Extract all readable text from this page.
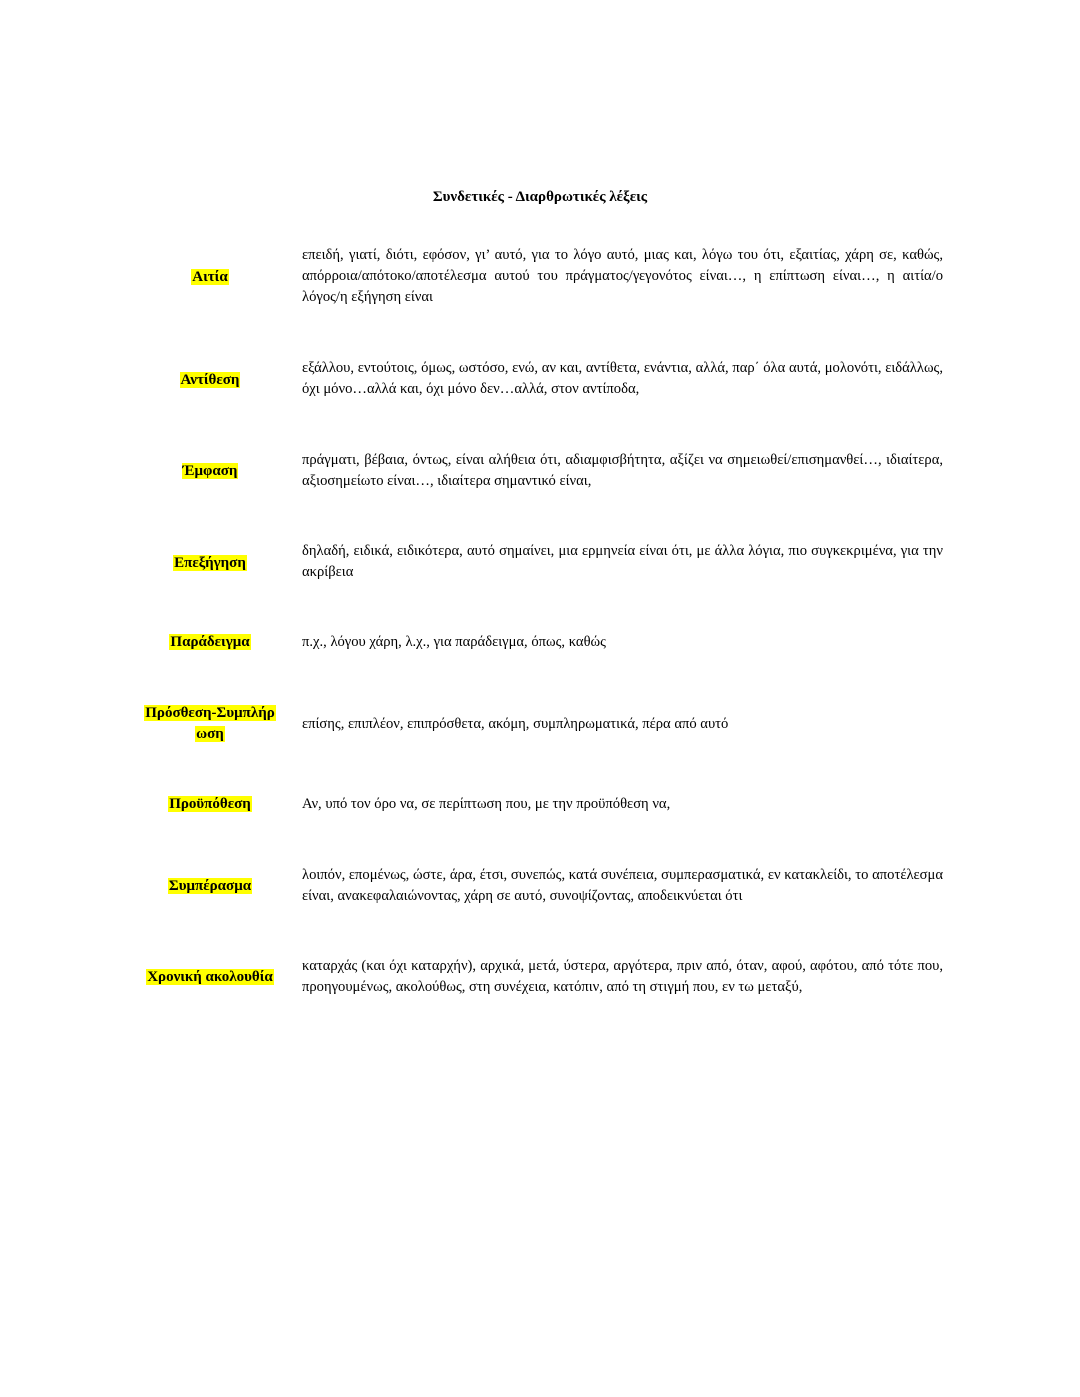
Συνδετικές - Διαρθρωτικές λέξεις
Αιτία
επειδή, γιατί, διότι, εφόσον, γι’ αυτό, για το λόγο αυτό, μιας και, λόγω του ότι, εξαιτίας, χάρη σε, καθώς, απόρροια/απότοκο/αποτέλεσμα αυτού του πράγματος/γεγονότος είναι…, η επίπτωση είναι…, η αιτία/ο λόγος/η εξήγηση είναι
Αντίθεση
εξάλλου, εντούτοις, όμως, ωστόσο, ενώ, αν και, αντίθετα, ενάντια, αλλά, παρ΄ όλα αυτά, μολονότι, ειδάλλως, όχι μόνο…αλλά και, όχι μόνο δεν…αλλά, στον αντίποδα,
Έμφαση
πράγματι, βέβαια, όντως, είναι αλήθεια ότι, αδιαμφισβήτητα, αξίζει να σημειωθεί/επισημανθεί…, ιδιαίτερα, αξιοσημείωτο είναι…, ιδιαίτερα σημαντικό είναι,
Επεξήγηση
δηλαδή, ειδικά, ειδικότερα, αυτό σημαίνει, μια ερμηνεία είναι ότι, με άλλα λόγια, πιο συγκεκριμένα, για την ακρίβεια
Παράδειγμα	π.χ., λόγου χάρη, λ.χ., για παράδειγμα, όπως, καθώς
Πρόσθεση-Συμπλήρ
ωση
επίσης, επιπλέον, επιπρόσθετα, ακόμη, συμπληρωματικά, πέρα από αυτό
Προϋπόθεση	Αν, υπό τον όρο να, σε περίπτωση που, με την προϋπόθεση να,
Συμπέρασμα
λοιπόν, επομένως, ώστε, άρα, έτσι, συνεπώς, κατά συνέπεια, συμπερασματικά, εν κατακλείδι, το αποτέλεσμα είναι, ανακεφαλαιώνοντας, χάρη σε αυτό, συνοψίζοντας, αποδεικνύεται ότι
Χρονική ακολουθία
καταρχάς (και όχι καταρχήν), αρχικά, μετά, ύστερα, αργότερα, πριν από, όταν, αφού, αφότου, από τότε που, προηγουμένως, ακολούθως, στη συνέχεια, κατόπιν, από τη στιγμή που, εν τω μεταξύ,
